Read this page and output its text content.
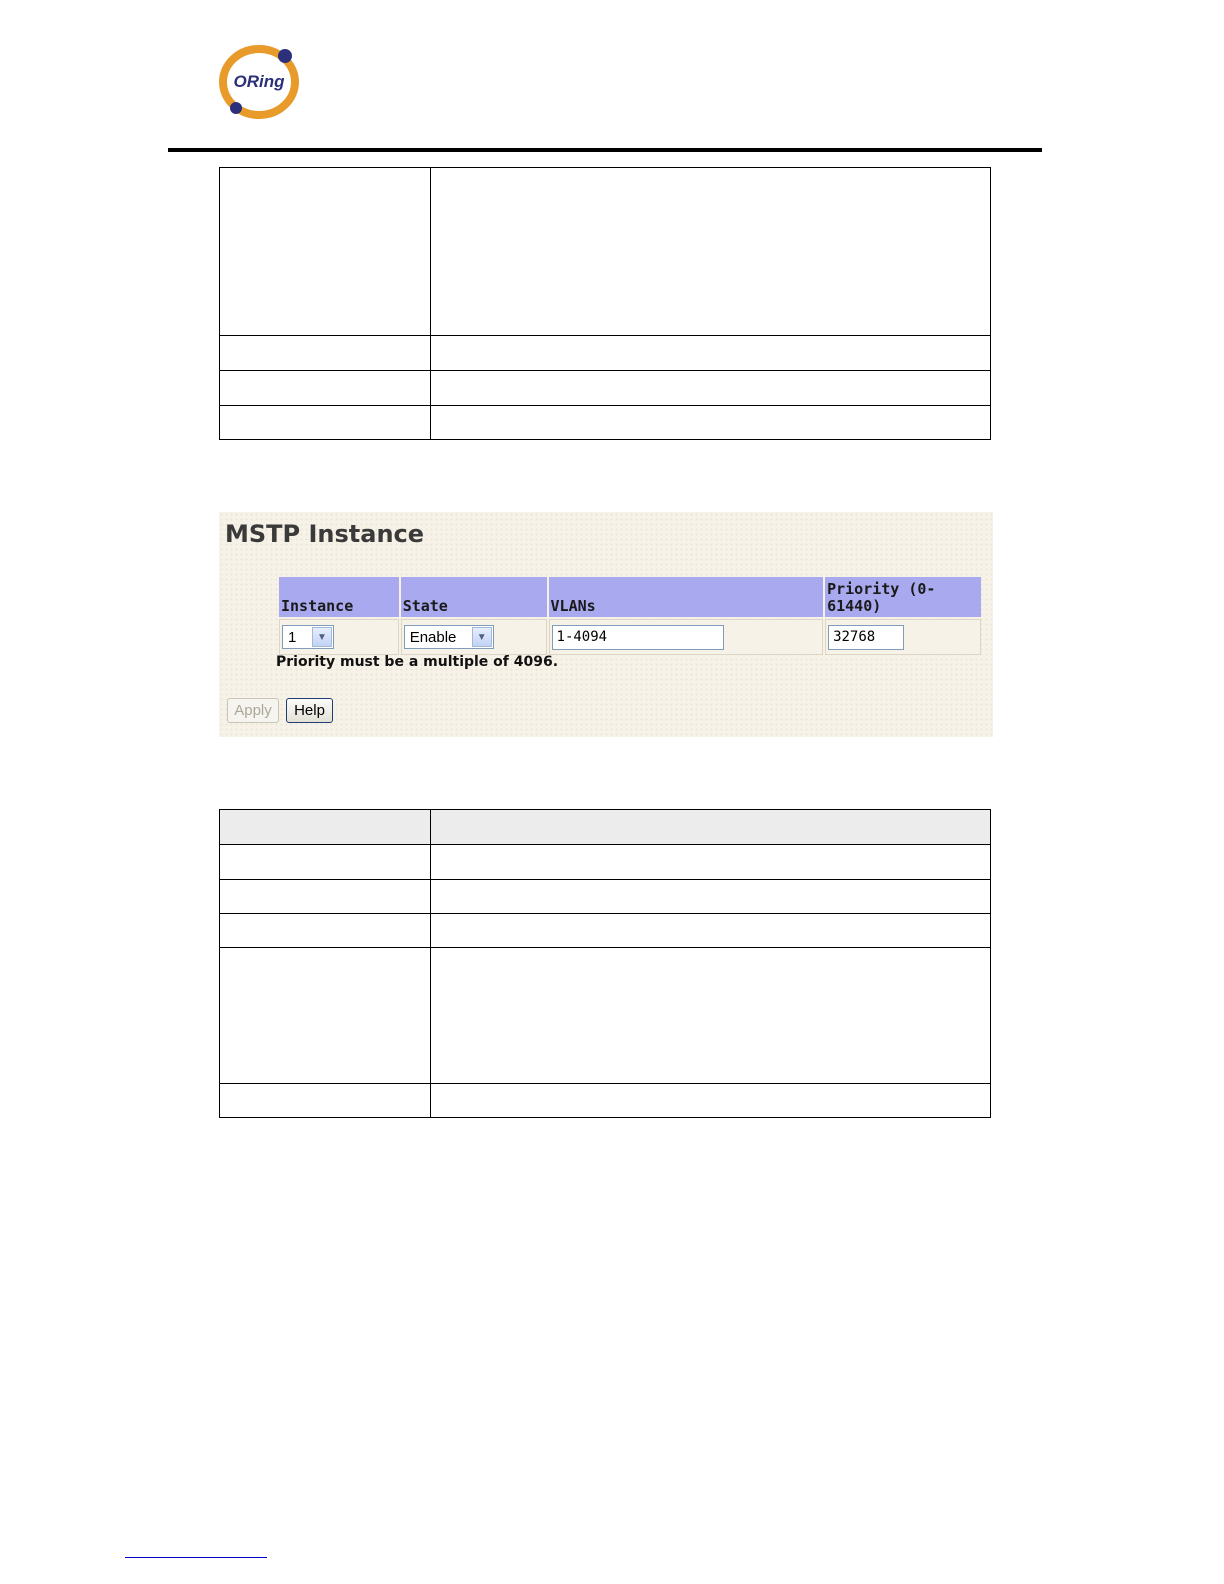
ORing

MSTP Instance
Instance	State	VLANs	Priority (0-61440)

1 ▼	Enable ▼	1-4094	32768
Priority must be a multiple of 4096.
Apply	Help
